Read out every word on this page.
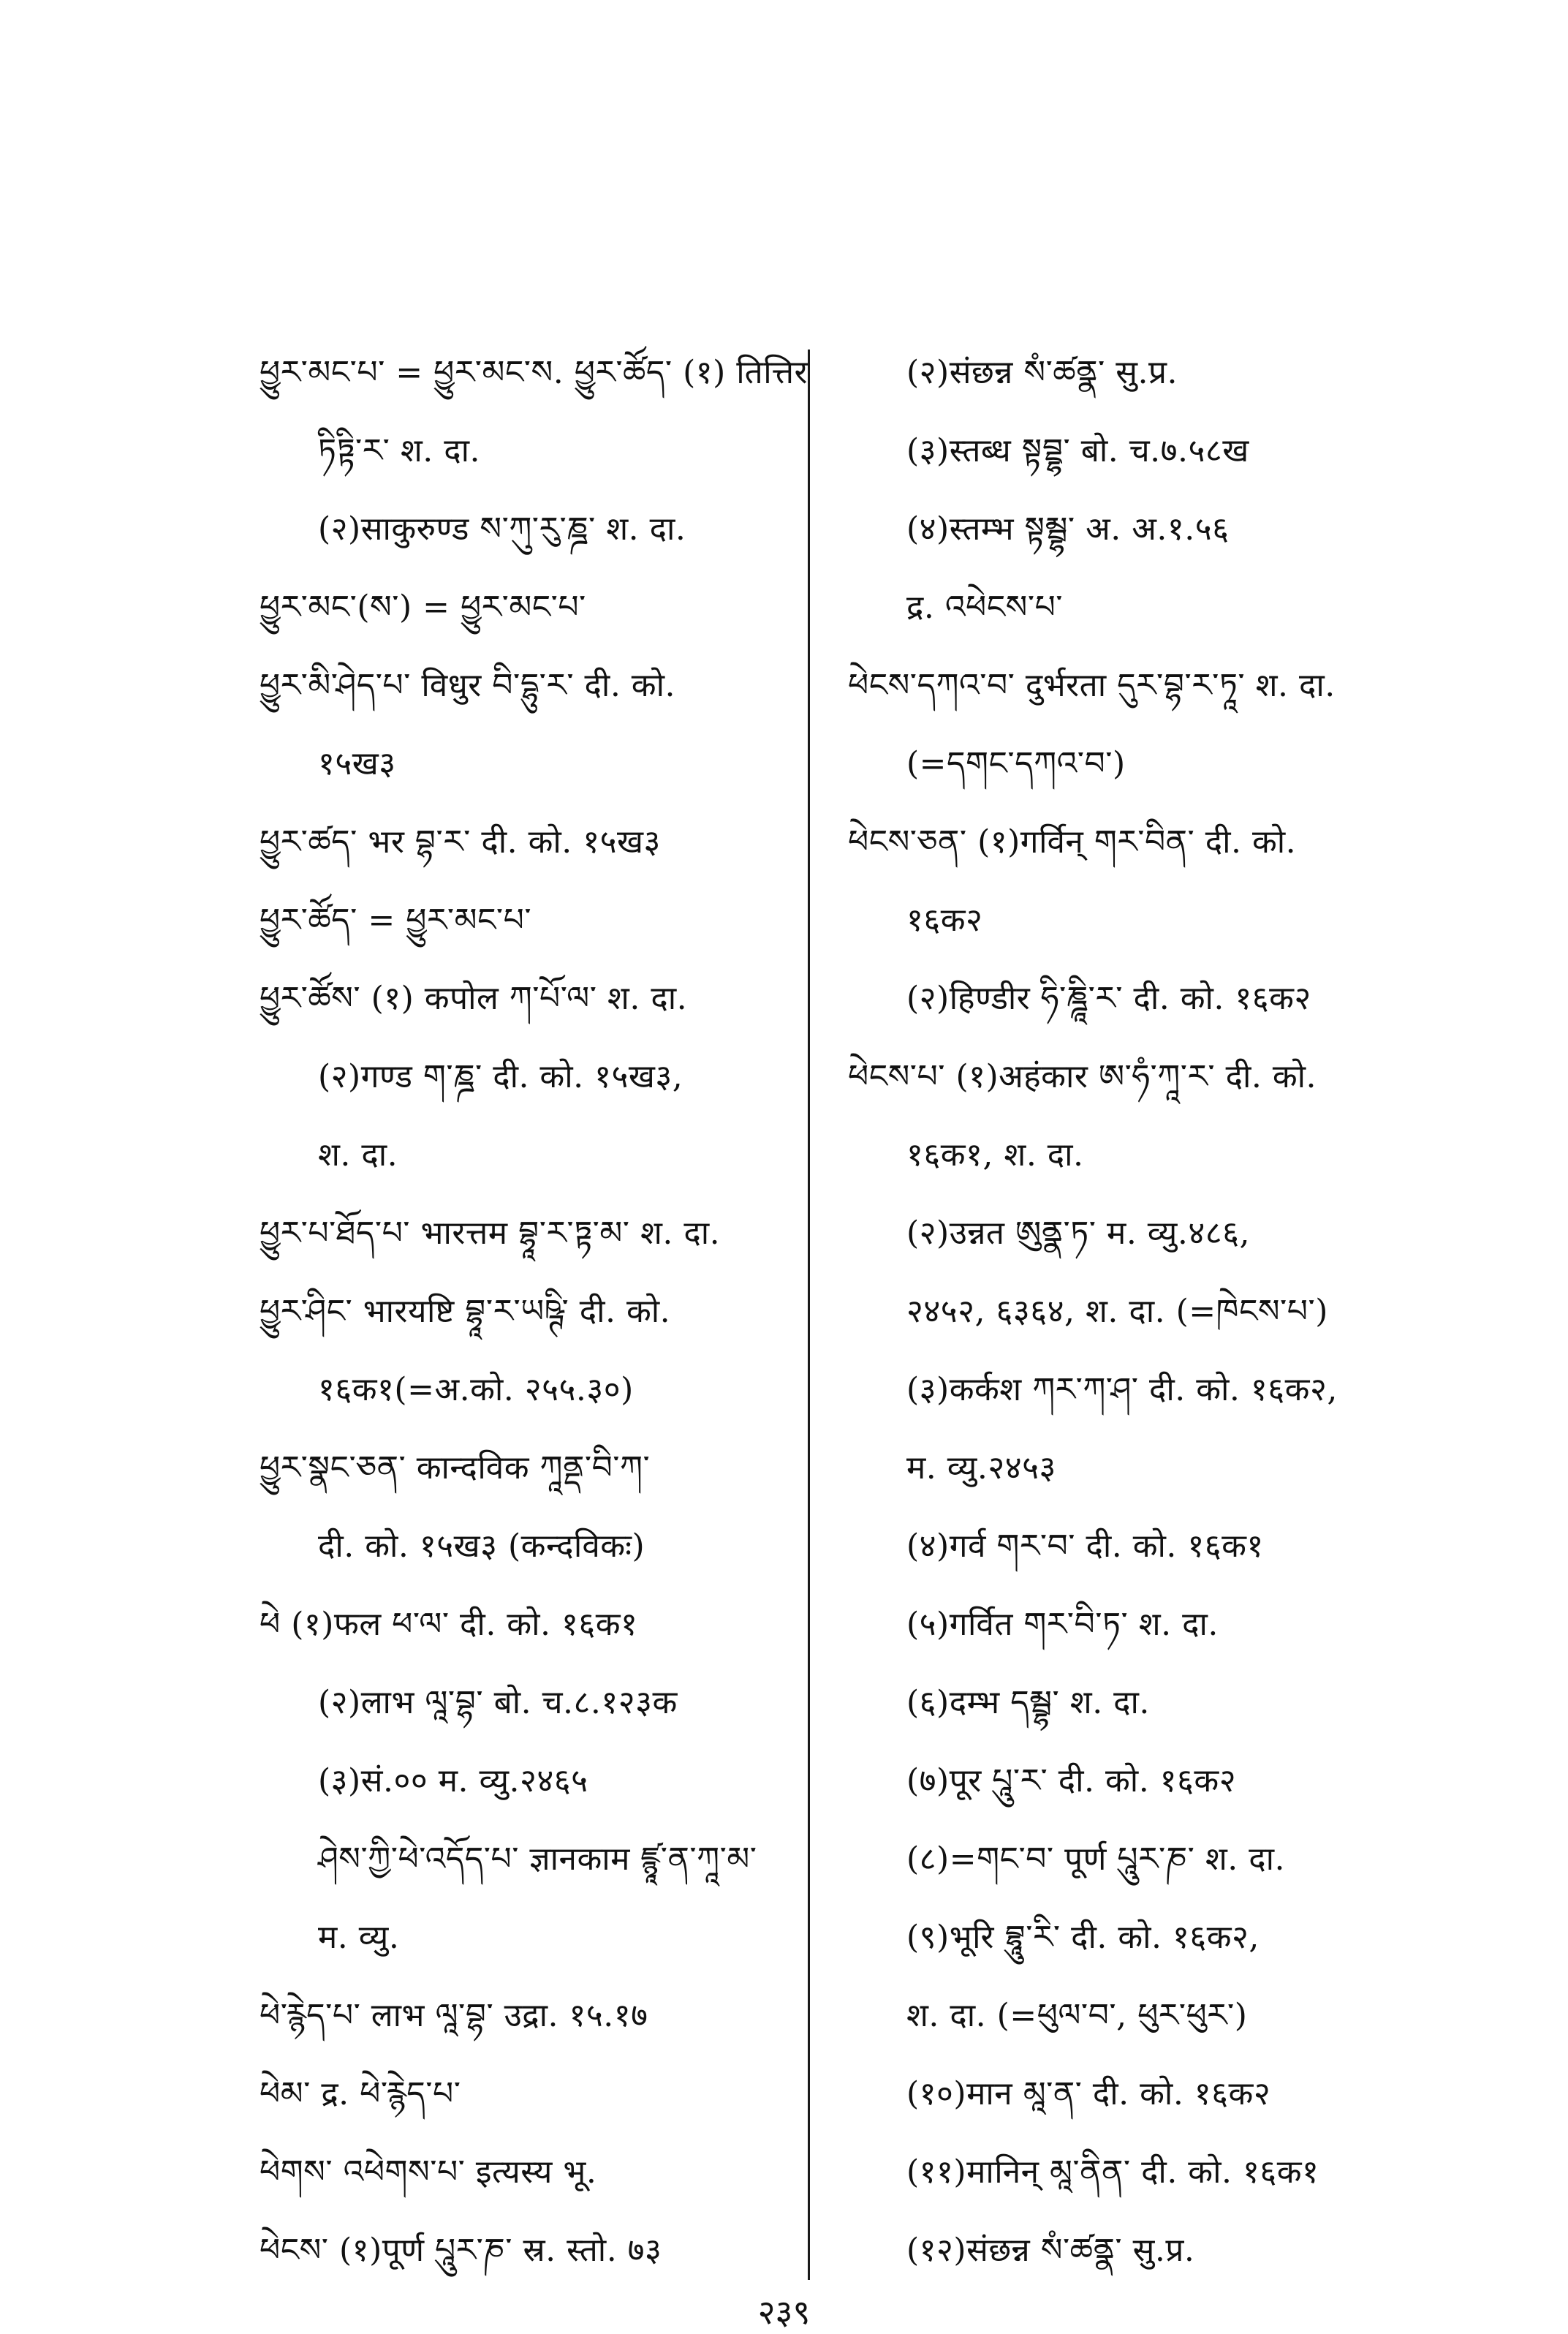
ཕྱུར་མང་པ་ = ཕྱུར་མང་ས. ཕྱུར་ཚོད་ (१) तित्तिर
ཏིཏྟི་ར་ श. दा.
(२)साकुरुण्ड ས་ཀུ་རུ་ཎྜ་ श. दा.
ཕྱུར་མང་(ས་) = ཕྱུར་མང་པ་
ཕྱུར་མི་ཤེད་པ་ विधुर བི་དྷུ་ར་ दी. को.
१५ख३
ཕྱུར་ཚད་ भर བྷ་ར་ दी. को. १५ख३
ཕྱུར་ཚོད་ = ཕྱུར་མང་པ་
ཕྱུར་ཚོས་ (१) कपोल ཀ་པོ་ལ་ श. दा.
(२)गण्ड ག་ཎྜ་ दी. को. १५ख३,
श. दा.
ཕྱུར་པ་ཐོད་པ་ भारत्तम བྷཱ་ར་ཏྟ་མ་ श. दा.
ཕྱུར་ཤིང་ भारयष्टि བྷཱ་ར་ཡཥྚི་ दी. को.
१६क१(=अ.को. २५५.३०)
ཕྱུར་སྣང་ཅན་ कान्दविक ཀཱནྡ་བི་ཀ་
दी. को. १५ख३ (कन्दविकः)
ཕེ (१)फल ཕ་ལ་ दी. को. १६क१
(२)लाभ ལཱ་བྷ་ बो. च.८.१२३क
(३)सं.०० म. व्यु.२४६५
ཤེས་ཀྱི་ཕེ་འདོད་པ་ ज्ञानकाम ཛྙཱ་ན་ཀཱ་མ་
म. व्यु.
ཕེ་རྙེད་པ་ लाभ ལཱ་བྷ་ उद्रा. १५.१७
ཕེམ་ द्र. ཕེ་རྙེད་པ་
ཕེགས་ འཕེགས་པ་ इत्यस्य भू.
ཕེངས་ (१)पूर्ण པཱུར་ཎ་ स्र. स्तो. ७३
(२)संछन्न སཾ་ཚནྣ་ सु.प्र.
(३)स्तब्ध སྟབྡྷ་ बो. च.७.५८ख
(४)स्तम्भ སྟམྦྷ་ अ. अ.१.५६
द्र. འཕེངས་པ་
ཕེངས་དཀའ་བ་ दुर्भरता དུར་བྷ་ར་ཏཱ་ श. दा.
(=དགང་དཀའ་བ་)
ཕེངས་ཅན་ (१)गर्विन् གར་བིན་ दी. को.
१६क२
(२)हिण्डीर ཧི་ཎྜཱི་ར་ दी. को. १६क२
ཕེངས་པ་ (१)अहंकार ཨ་ཧཾ་ཀཱ་ར་ दी. को.
१६क१, श. दा.
(२)उन्नत ཨུནྣ་ཏ་ म. व्यु.४८६,
२४५२, ६३६४, श. दा. (=ཁེངས་པ་)
(३)कर्कश ཀར་ཀ་ཤ་ दी. को. १६क२,
म. व्यु.२४५३
(४)गर्व གར་བ་ दी. को. १६क१
(५)गर्वित གར་བི་ཏ་ श. दा.
(६)दम्भ དམྦྷ་ श. दा.
(७)पूर པཱུ་ར་ दी. को. १६क२
(८)=གང་བ་ पूर्ण པཱུར་ཎ་ श. दा.
(९)भूरि བྷཱུ་རི་ दी. को. १६क२,
श. दा. (=ཕུལ་བ་, ཕུར་ཕུར་)
(१०)मान མཱ་ན་ दी. को. १६क२
(११)मानिन् མཱ་ནིན་ दी. को. १६क१
(१२)संछन्न སཾ་ཚནྣ་ सु.प्र.
२३९
